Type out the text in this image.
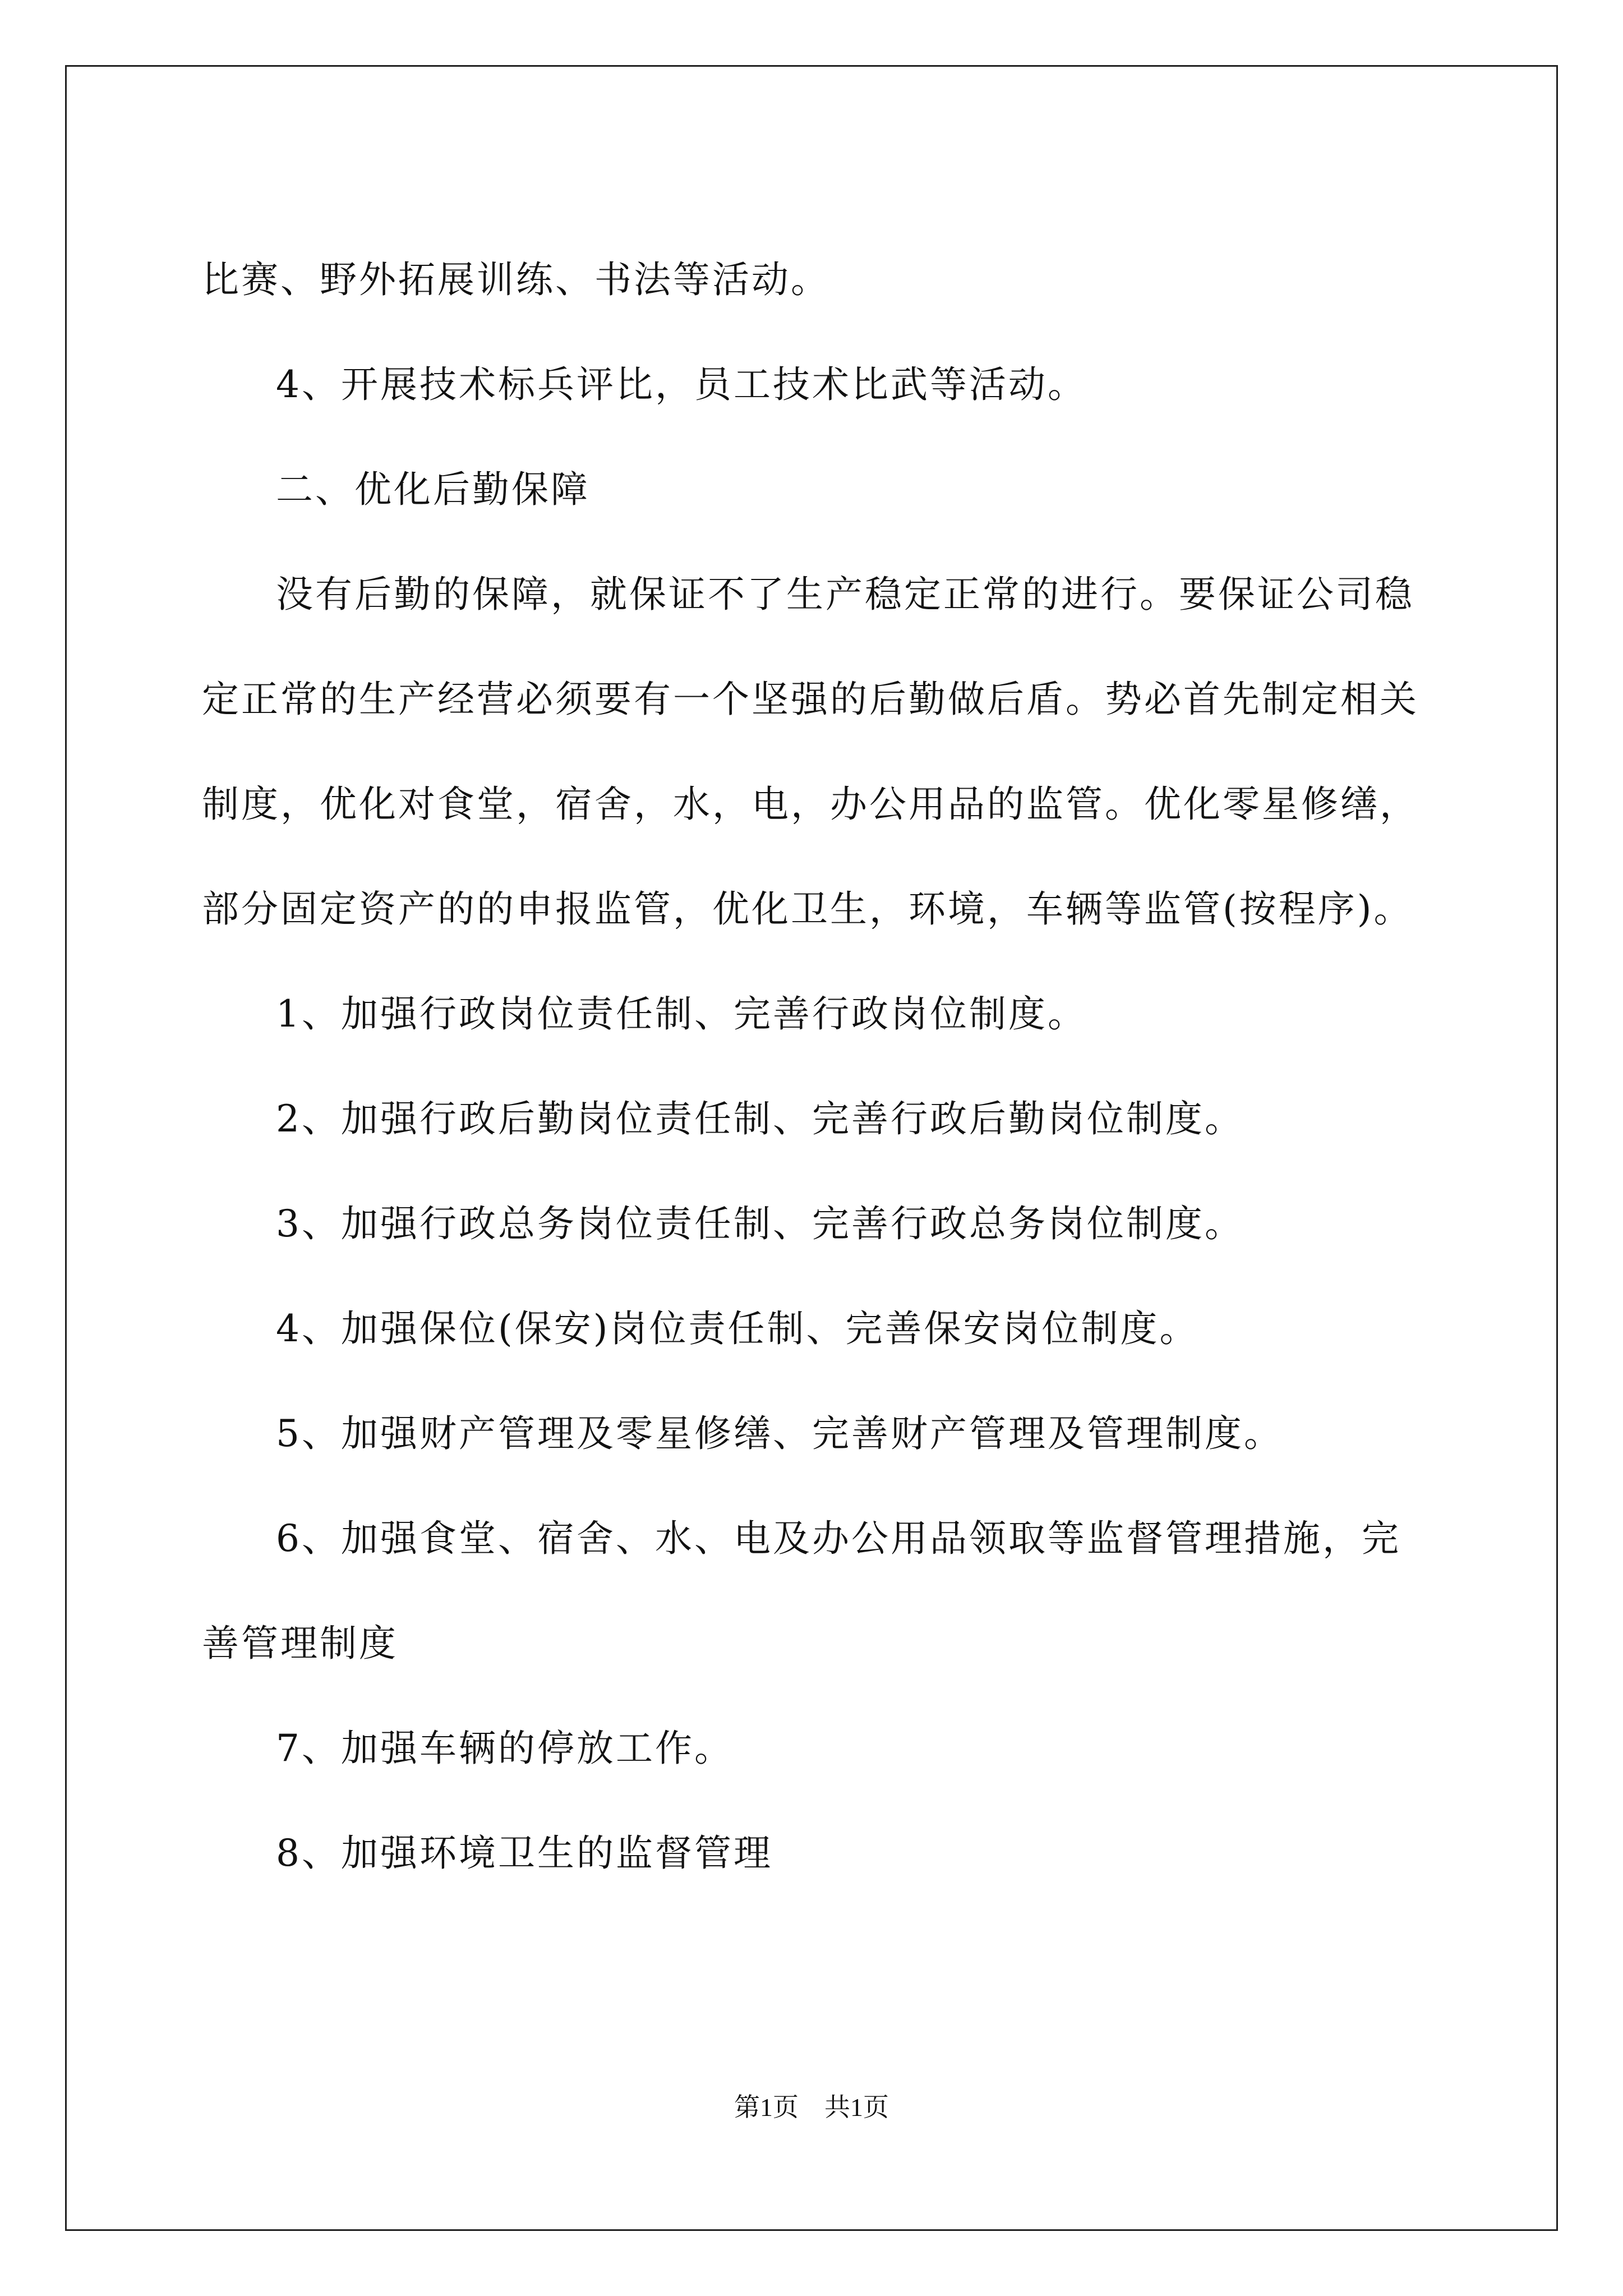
比赛、野外拓展训练、书法等活动。

4、开展技术标兵评比，员工技术比武等活动。

二、优化后勤保障

没有后勤的保障，就保证不了生产稳定正常的进行。要保证公司稳定正常的生产经营必须要有一个坚强的后勤做后盾。势必首先制定相关制度，优化对食堂，宿舍，水，电，办公用品的监管。优化零星修缮，部分固定资产的的申报监管，优化卫生，环境，车辆等监管(按程序)。

1、加强行政岗位责任制、完善行政岗位制度。

2、加强行政后勤岗位责任制、完善行政后勤岗位制度。

3、加强行政总务岗位责任制、完善行政总务岗位制度。

4、加强保位(保安)岗位责任制、完善保安岗位制度。

5、加强财产管理及零星修缮、完善财产管理及管理制度。

6、加强食堂、宿舍、水、电及办公用品领取等监督管理措施，完善管理制度

7、加强车辆的停放工作。

8、加强环境卫生的监督管理

第1页　共1页
